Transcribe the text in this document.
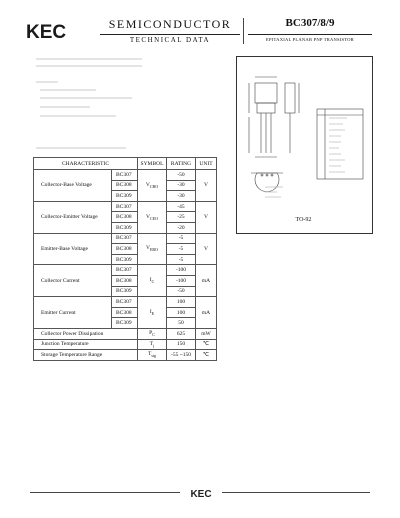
KEC	SEMICONDUCTOR
TECHNICAL DATA
BC307/8/9
EPITAXIAL PLANAR PNP TRANSISTOR
CHARACTERISTIC		SYMBOL	RATING	UNIT
Collector-Base Voltage	BC307	$V_{CBO}$	-50	V
	BC308		-30	
	BC309		-30	
Collector-Emitter Voltage	BC307	$V_{CEO}$	-45	V
	BC308		-25	
	BC309		-20	
Emitter-Base Voltage	BC307	$V_{EBO}$	-5	V
	BC308		-5	
	BC309		-5	
Collector Current	BC307	$I_C$	-100	mA
	BC308		-100	
	BC309		-50	
Emitter Current	BC307	$I_E$	100	mA
	BC308		100	
	BC309		50	
Collector Power Dissipation		$P_C$	625	mW
Junction Temperature		$T_j$	150	℃
Storage Temperature Range		$T_{stg}$	-55 ~150	℃
TO-92
KEC
